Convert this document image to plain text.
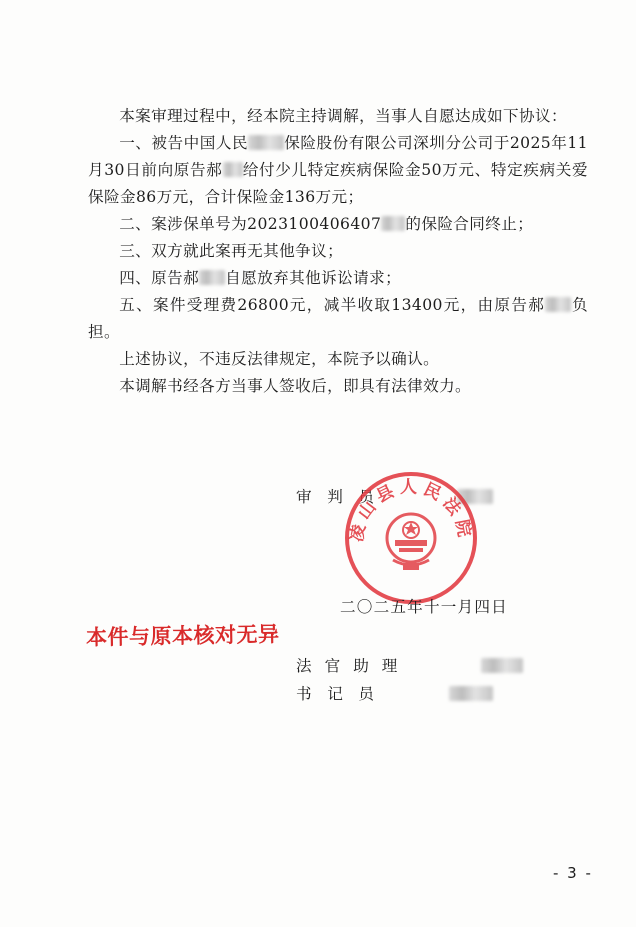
本案审理过程中，经本院主持调解，当事人自愿达成如下协议：

一、被告中国人民 保险股份有限公司深圳分公司于2025年11月30日前向原告郝 给付少儿特定疾病保险金50万元、特定疾病关爱保险金86万元，合计保险金136万元；

二、案涉保单号为2023100406407 的保险合同终止；

三、双方就此案再无其他争议；

四、原告郝 自愿放弃其他诉讼请求；

五、案件受理费26800元，减半收取13400元，由原告郝 负担。

上述协议，不违反法律规定，本院予以确认。

本调解书经各方当事人签收后，即具有法律效力。

审　判　员
凌山县人民法院
二〇二五年十一月四日
本件与原本核对无异
法官助理
书　记　员
- 3 -
